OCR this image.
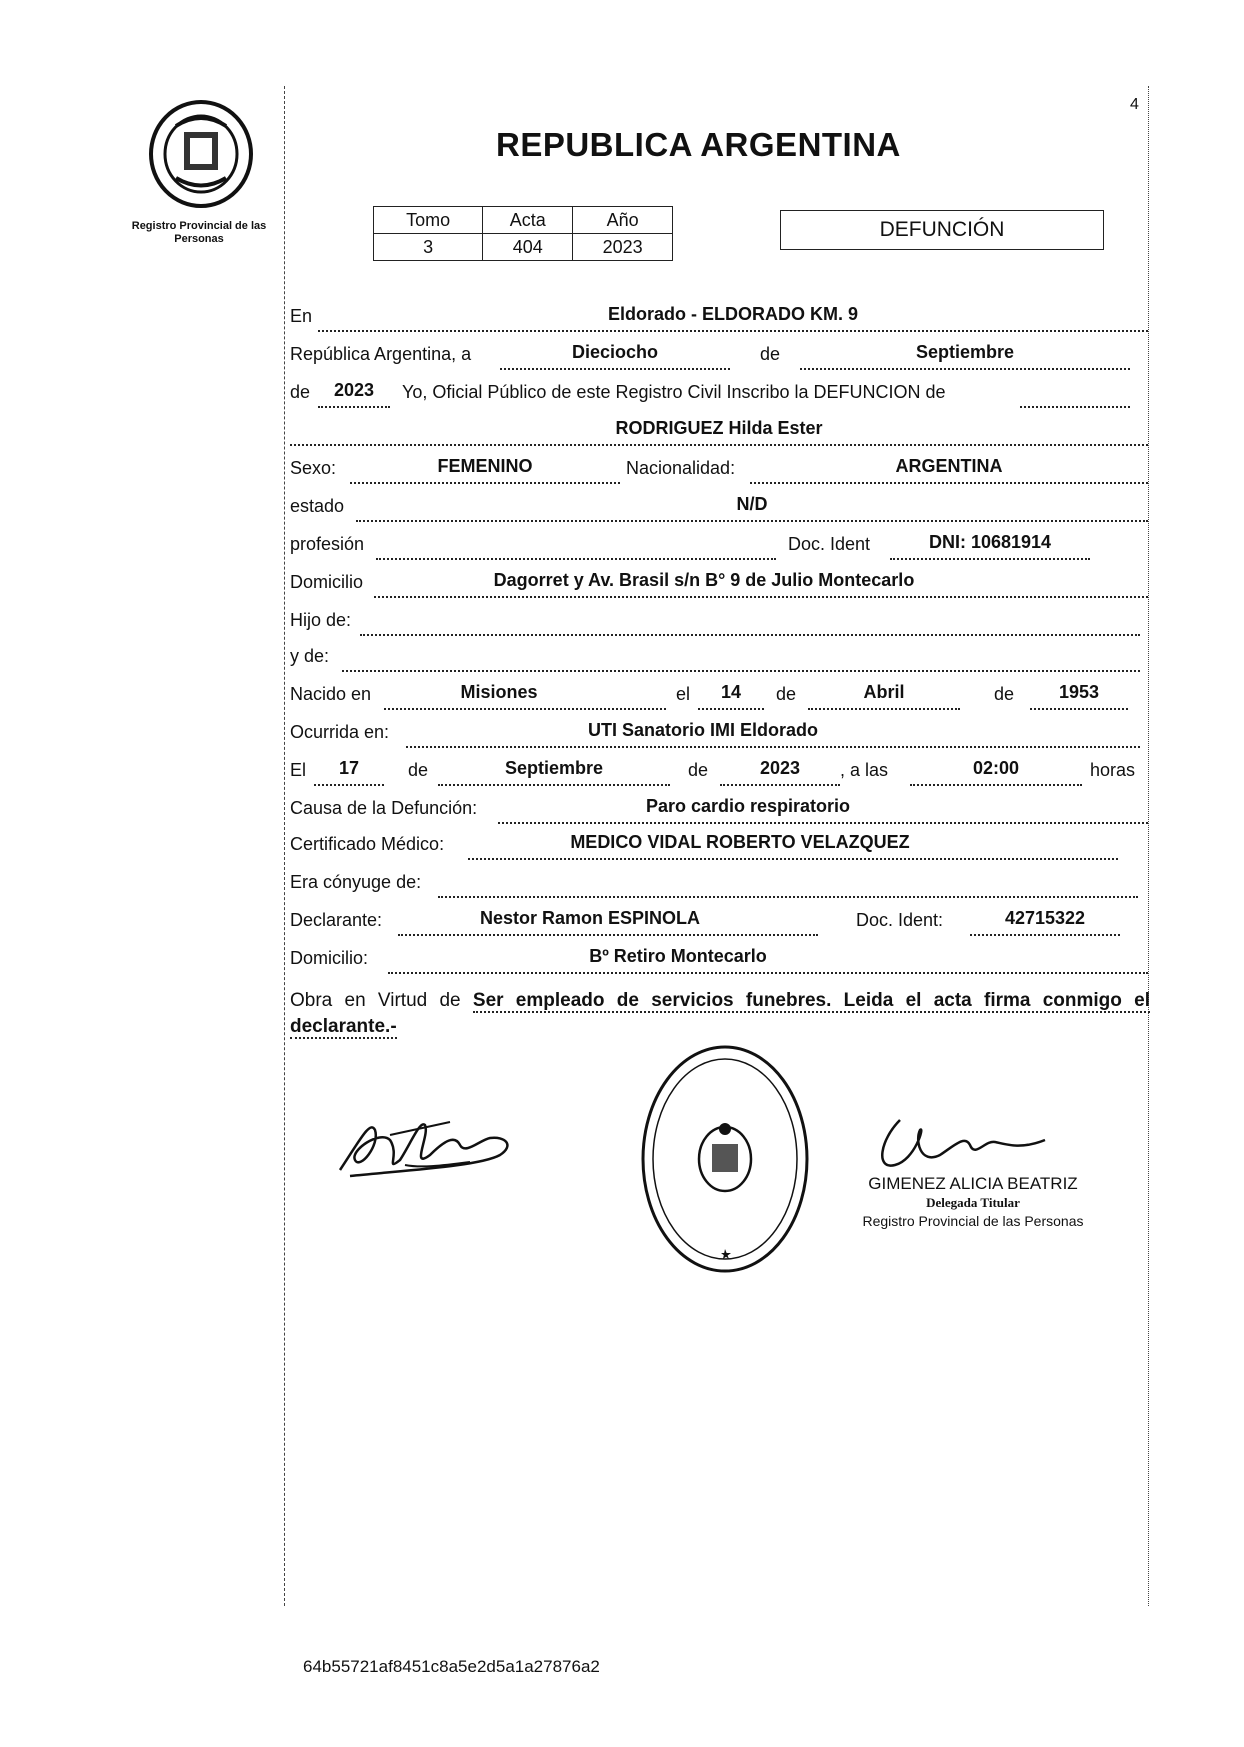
Registro Provincial de las Personas
4
REPUBLICA ARGENTINA
Tomo	Acta	Año
3	404	2023
DEFUNCIÓN
En	Eldorado - ELDORADO KM. 9
República Argentina, a	Dieciocho	de	Septiembre
de	2023	Yo, Oficial Público de este Registro Civil Inscribo la DEFUNCION de
RODRIGUEZ Hilda Ester
Sexo:	FEMENINO	Nacionalidad:	ARGENTINA
estado	N/D
profesión	Doc. Ident	DNI: 10681914
Domicilio	Dagorret y Av. Brasil s/n B° 9 de Julio Montecarlo
Hijo de:
y de:
Nacido en	Misiones	el	14	de	Abril	de	1953
Ocurrida en:	UTI Sanatorio IMI Eldorado
El	17	de	Septiembre	de	2023	, a las	02:00	horas
Causa de la Defunción:	Paro cardio respiratorio
Certificado Médico:	MEDICO VIDAL ROBERTO VELAZQUEZ
Era cónyuge de:
Declarante:	Nestor Ramon ESPINOLA	Doc. Ident:	42715322
Domicilio:	Bº Retiro Montecarlo
Obra en Virtud de Ser empleado de servicios funebres. Leida el acta firma conmigo el declarante.-
GIMENEZ ALICIA BEATRIZ
Delegada Titular
Registro Provincial de las Personas
64b55721af8451c8a5e2d5a1a27876a2
